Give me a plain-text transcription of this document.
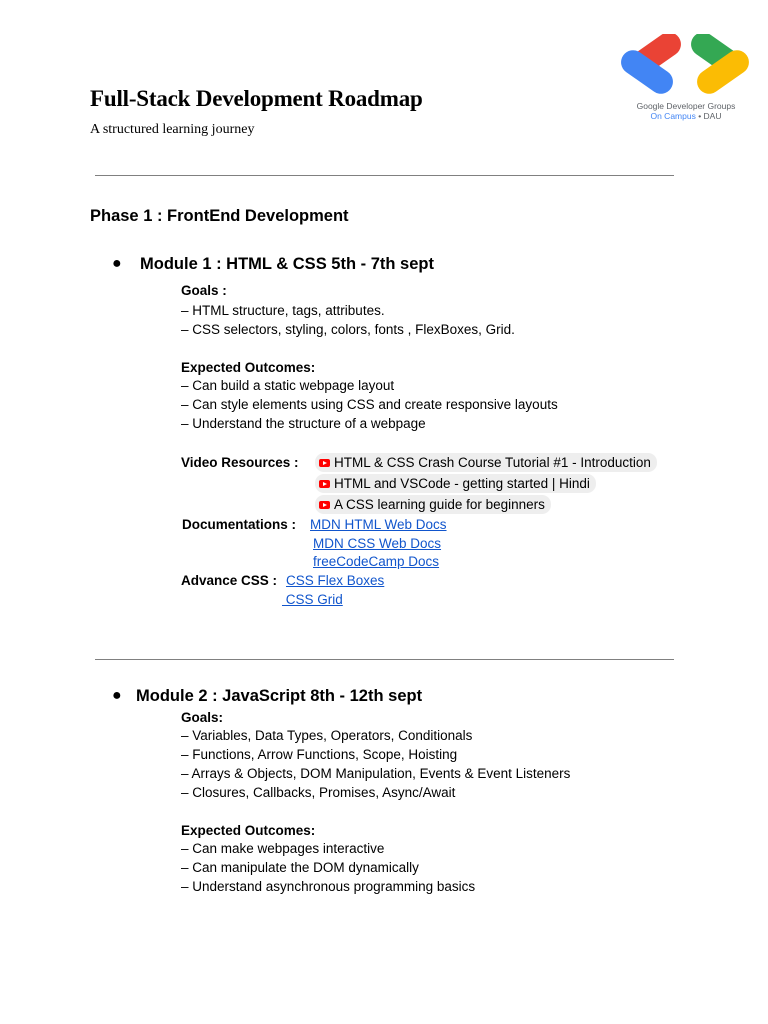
Full-Stack Development Roadmap
A structured learning journey
Google Developer Groups
On Campus • DAU
Phase 1 : FrontEnd Development
● Module 1 : HTML & CSS 5th - 7th sept
Goals :
– HTML structure, tags, attributes.
– CSS selectors, styling, colors, fonts , FlexBoxes, Grid.
Expected Outcomes:
– Can build a static webpage layout
– Can style elements using CSS and create responsive layouts
– Understand the structure of a webpage
Video Resources :	HTML & CSS Crash Course Tutorial #1 - Introduction
HTML and VSCode - getting started | Hindi
A CSS learning guide for beginners
Documentations : MDN HTML Web Docs
MDN CSS Web Docs
freeCodeCamp Docs
Advance CSS : CSS Flex Boxes
CSS Grid
● Module 2 : JavaScript 8th - 12th sept
Goals:
– Variables, Data Types, Operators, Conditionals
– Functions, Arrow Functions, Scope, Hoisting
– Arrays & Objects, DOM Manipulation, Events & Event Listeners
– Closures, Callbacks, Promises, Async/Await
Expected Outcomes:
– Can make webpages interactive
– Can manipulate the DOM dynamically
– Understand asynchronous programming basics
